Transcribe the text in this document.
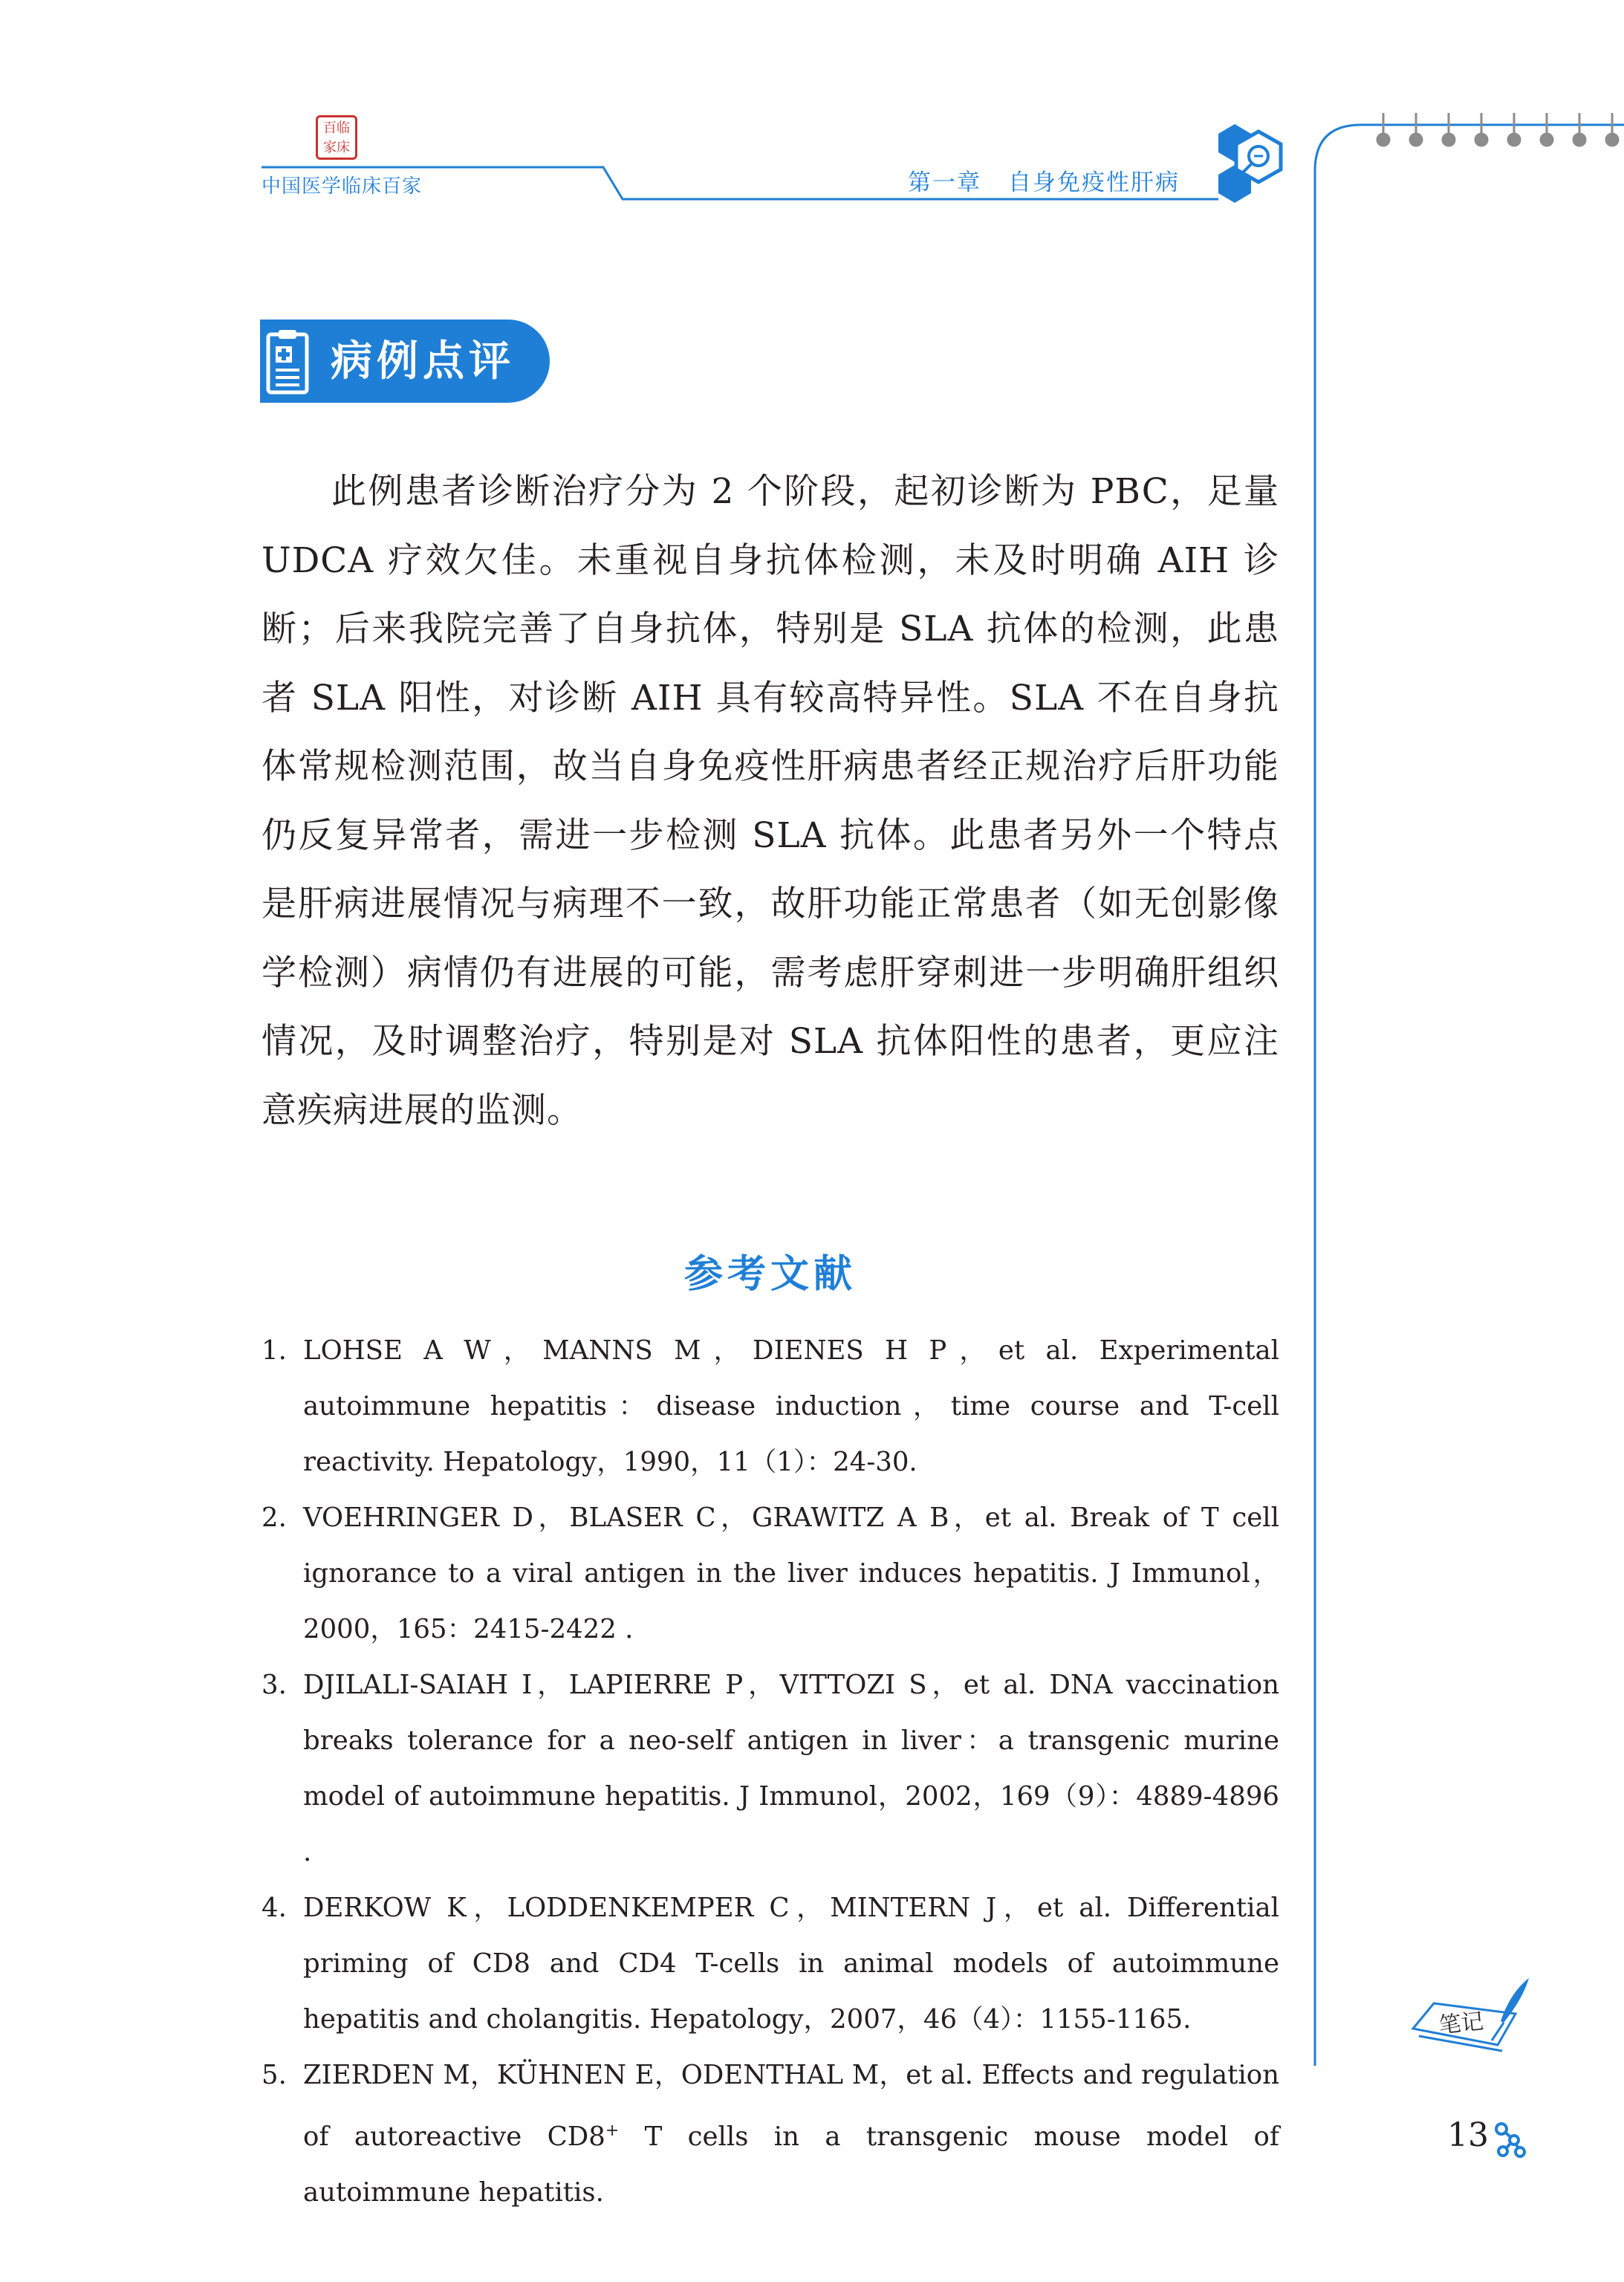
百临家床
中国医学临床百家	第一章 自身免疫性肝病
病例点评

此例患者诊断治疗分为 2 个阶段，起初诊断为 PBC，足量 UDCA 疗效欠佳。未重视自身抗体检测，未及时明确 AIH 诊断；后来我院完善了自身抗体，特别是 SLA 抗体的检测，此患者 SLA 阳性，对诊断 AIH 具有较高特异性。SLA 不在自身抗体常规检测范围，故当自身免疫性肝病患者经正规治疗后肝功能仍反复异常者，需进一步检测 SLA 抗体。此患者另外一个特点是肝病进展情况与病理不一致，故肝功能正常患者（如无创影像学检测）病情仍有进展的可能，需考虑肝穿刺进一步明确肝组织情况，及时调整治疗，特别是对 SLA 抗体阳性的患者，更应注意疾病进展的监测。

参考文献
1. LOHSE A W，MANNS M，DIENES H P，et al. Experimental autoimmune hepatitis：disease induction，time course and T-cell reactivity. Hepatology，1990，11（1）：24-30.
2. VOEHRINGER D，BLASER C，GRAWITZ A B，et al. Break of T cell ignorance to a viral antigen in the liver induces hepatitis. J Immunol，2000，165：2415-2422 .
3. DJILALI-SAIAH I，LAPIERRE P，VITTOZI S，et al. DNA vaccination breaks tolerance for a neo-self antigen in liver：a transgenic murine model of autoimmune hepatitis. J Immunol，2002，169（9）：4889-4896 .
4. DERKOW K，LODDENKEMPER C，MINTERN J，et al. Differential priming of CD8 and CD4 T-cells in animal models of autoimmune hepatitis and cholangitis. Hepatology，2007，46（4）：1155-1165.
5. ZIERDEN M，KÜHNEN E，ODENTHAL M，et al. Effects and regulation of autoreactive CD8+ T cells in a transgenic mouse model of autoimmune hepatitis.
笔记
13
